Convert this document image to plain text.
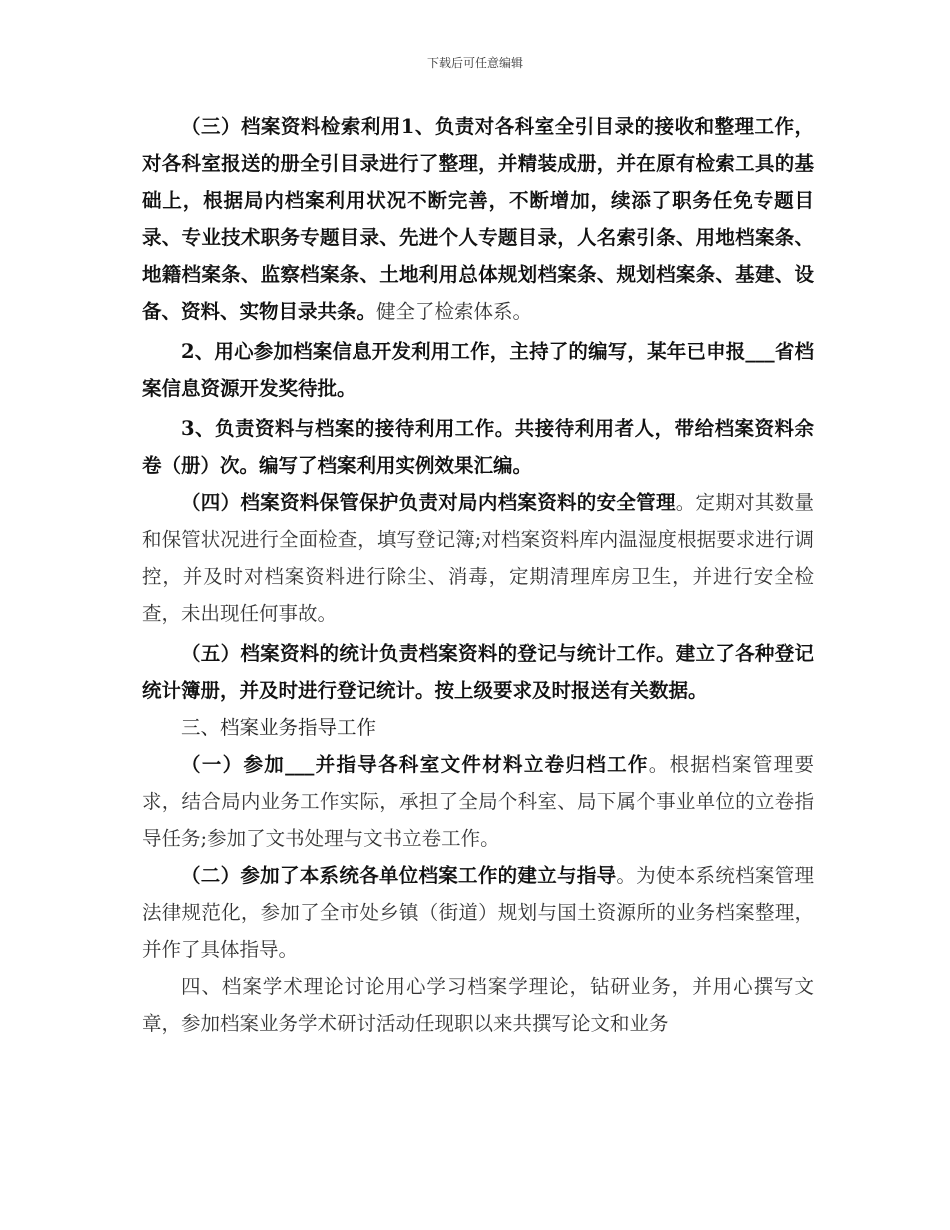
下载后可任意编辑

（三）档案资料检索利用1、负责对各科室全引目录的接收和整理工作，对各科室报送的册全引目录进行了整理，并精装成册，并在原有检索工具的基础上，根据局内档案利用状况不断完善，不断增加，续添了职务任免专题目录、专业技术职务专题目录、先进个人专题目录，人名索引条、用地档案条、地籍档案条、监察档案条、土地利用总体规划档案条、规划档案条、基建、设备、资料、实物目录共条。健全了检索体系。

2、用心参加档案信息开发利用工作，主持了的编写，某年已申报___省档案信息资源开发奖待批。

3、负责资料与档案的接待利用工作。共接待利用者人，带给档案资料余卷（册）次。编写了档案利用实例效果汇编。

（四）档案资料保管保护负责对局内档案资料的安全管理。定期对其数量和保管状况进行全面检查，填写登记簿;对档案资料库内温湿度根据要求进行调控，并及时对档案资料进行除尘、消毒，定期清理库房卫生，并进行安全检查，未出现任何事故。

（五）档案资料的统计负责档案资料的登记与统计工作。建立了各种登记统计簿册，并及时进行登记统计。按上级要求及时报送有关数据。

三、档案业务指导工作

（一）参加___并指导各科室文件材料立卷归档工作。根据档案管理要求，结合局内业务工作实际，承担了全局个科室、局下属个事业单位的立卷指导任务;参加了文书处理与文书立卷工作。

（二）参加了本系统各单位档案工作的建立与指导。为使本系统档案管理法律规范化，参加了全市处乡镇（街道）规划与国土资源所的业务档案整理，并作了具体指导。

四、档案学术理论讨论用心学习档案学理论，钻研业务，并用心撰写文章，参加档案业务学术研讨活动任现职以来共撰写论文和业务
